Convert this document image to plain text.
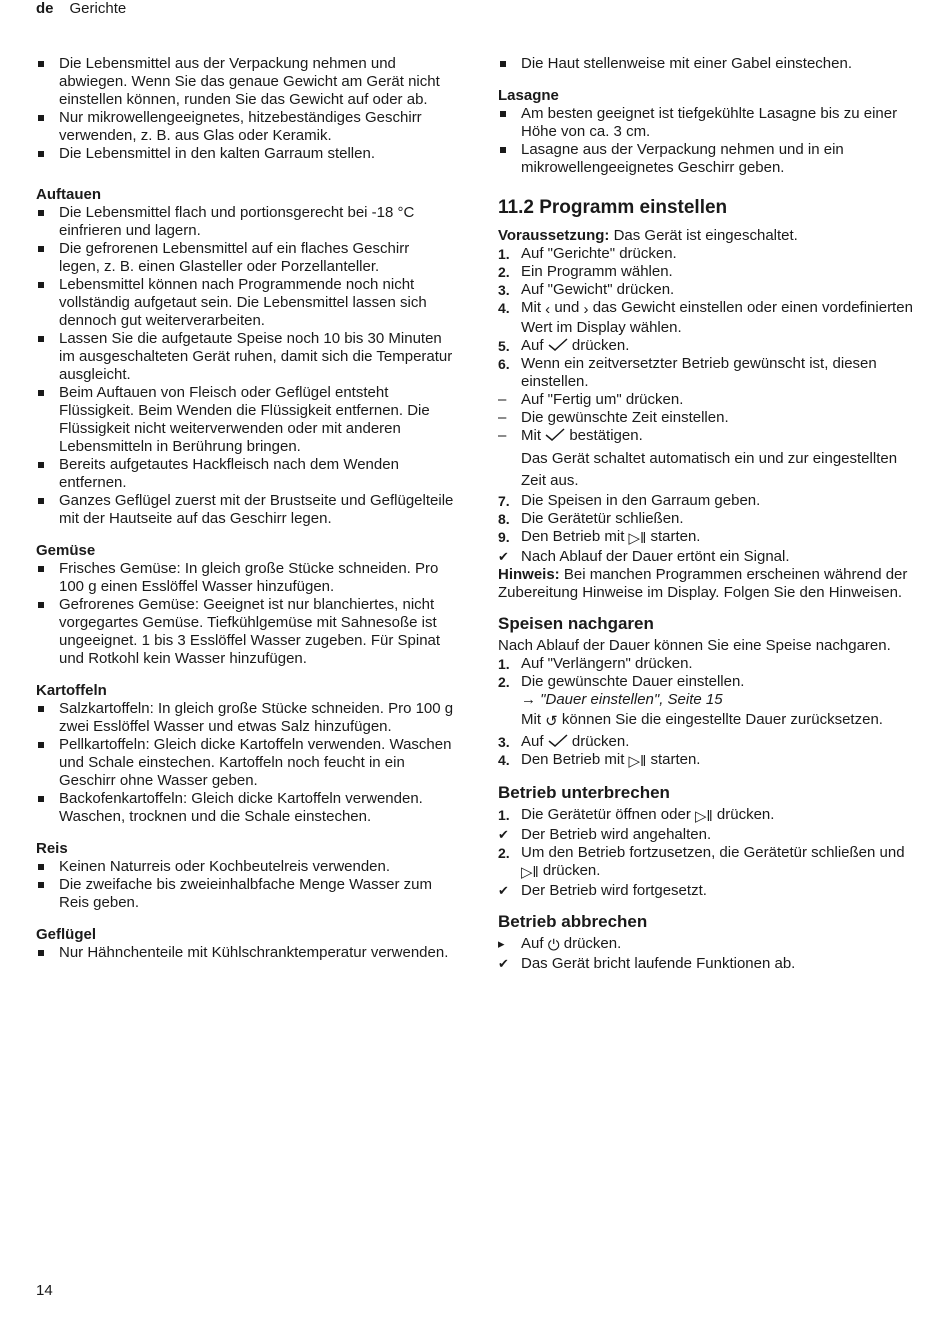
de Gerichte
Die Lebensmittel aus der Verpackung nehmen und abwiegen. Wenn Sie das genaue Gewicht am Gerät nicht einstellen können, runden Sie das Gewicht auf oder ab.
Nur mikrowellengeeignetes, hitzebeständiges Geschirr verwenden, z. B. aus Glas oder Keramik.
Die Lebensmittel in den kalten Garraum stellen.
Auftauen
Die Lebensmittel flach und portionsgerecht bei -18 °C einfrieren und lagern.
Die gefrorenen Lebensmittel auf ein flaches Geschirr legen, z. B. einen Glasteller oder Porzellanteller.
Lebensmittel können nach Programmende noch nicht vollständig aufgetaut sein. Die Lebensmittel lassen sich dennoch gut weiterverarbeiten.
Lassen Sie die aufgetaute Speise noch 10 bis 30 Minuten im ausgeschalteten Gerät ruhen, damit sich die Temperatur ausgleicht.
Beim Auftauen von Fleisch oder Geflügel entsteht Flüssigkeit. Beim Wenden die Flüssigkeit entfernen. Die Flüssigkeit nicht weiterverwenden oder mit anderen Lebensmitteln in Berührung bringen.
Bereits aufgetautes Hackfleisch nach dem Wenden entfernen.
Ganzes Geflügel zuerst mit der Brustseite und Geflügelteile mit der Hautseite auf das Geschirr legen.
Gemüse
Frisches Gemüse: In gleich große Stücke schneiden. Pro 100 g einen Esslöffel Wasser hinzufügen.
Gefrorenes Gemüse: Geeignet ist nur blanchiertes, nicht vorgegartes Gemüse. Tiefkühlgemüse mit Sahnesoße ist ungeeignet. 1 bis 3 Esslöffel Wasser zugeben. Für Spinat und Rotkohl kein Wasser hinzufügen.
Kartoffeln
Salzkartoffeln: In gleich große Stücke schneiden. Pro 100 g zwei Esslöffel Wasser und etwas Salz hinzufügen.
Pellkartoffeln: Gleich dicke Kartoffeln verwenden. Waschen und Schale einstechen. Kartoffeln noch feucht in ein Geschirr ohne Wasser geben.
Backofenkartoffeln: Gleich dicke Kartoffeln verwenden. Waschen, trocknen und die Schale einstechen.
Reis
Keinen Naturreis oder Kochbeutelreis verwenden.
Die zweifache bis zweieinhalbfache Menge Wasser zum Reis geben.
Geflügel
Nur Hähnchenteile mit Kühlschranktemperatur verwenden.
Die Haut stellenweise mit einer Gabel einstechen.
Lasagne
Am besten geeignet ist tiefgekühlte Lasagne bis zu einer Höhe von ca. 3 cm.
Lasagne aus der Verpackung nehmen und in ein mikrowellengeeignetes Geschirr geben.
11.2 Programm einstellen
Voraussetzung: Das Gerät ist eingeschaltet.
1. Auf "Gerichte" drücken.
2. Ein Programm wählen.
3. Auf "Gewicht" drücken.
4. Mit ‹ und › das Gewicht einstellen oder einen vordefinierten Wert im Display wählen.
5. Auf drücken.
6. Wenn ein zeitversetzter Betrieb gewünscht ist, diesen einstellen.
– Auf "Fertig um" drücken.
– Die gewünschte Zeit einstellen.
– Mit bestätigen.
Das Gerät schaltet automatisch ein und zur eingestellten Zeit aus.
7. Die Speisen in den Garraum geben.
8. Die Gerätetür schließen.
9. Den Betrieb mit ▷‖ starten.
✔ Nach Ablauf der Dauer ertönt ein Signal.
Hinweis: Bei manchen Programmen erscheinen während der Zubereitung Hinweise im Display. Folgen Sie den Hinweisen.
Speisen nachgaren
Nach Ablauf der Dauer können Sie eine Speise nachgaren.
1. Auf "Verlängern" drücken.
2. Die gewünschte Dauer einstellen.
→ "Dauer einstellen", Seite 15
Mit ↺ können Sie die eingestellte Dauer zurücksetzen.
3. Auf drücken.
4. Den Betrieb mit ▷‖ starten.
Betrieb unterbrechen
1. Die Gerätetür öffnen oder ▷‖ drücken.
✔ Der Betrieb wird angehalten.
2. Um den Betrieb fortzusetzen, die Gerätetür schließen und ▷‖ drücken.
✔ Der Betrieb wird fortgesetzt.
Betrieb abbrechen
▸ Auf ⏻ drücken.
✔ Das Gerät bricht laufende Funktionen ab.
14
